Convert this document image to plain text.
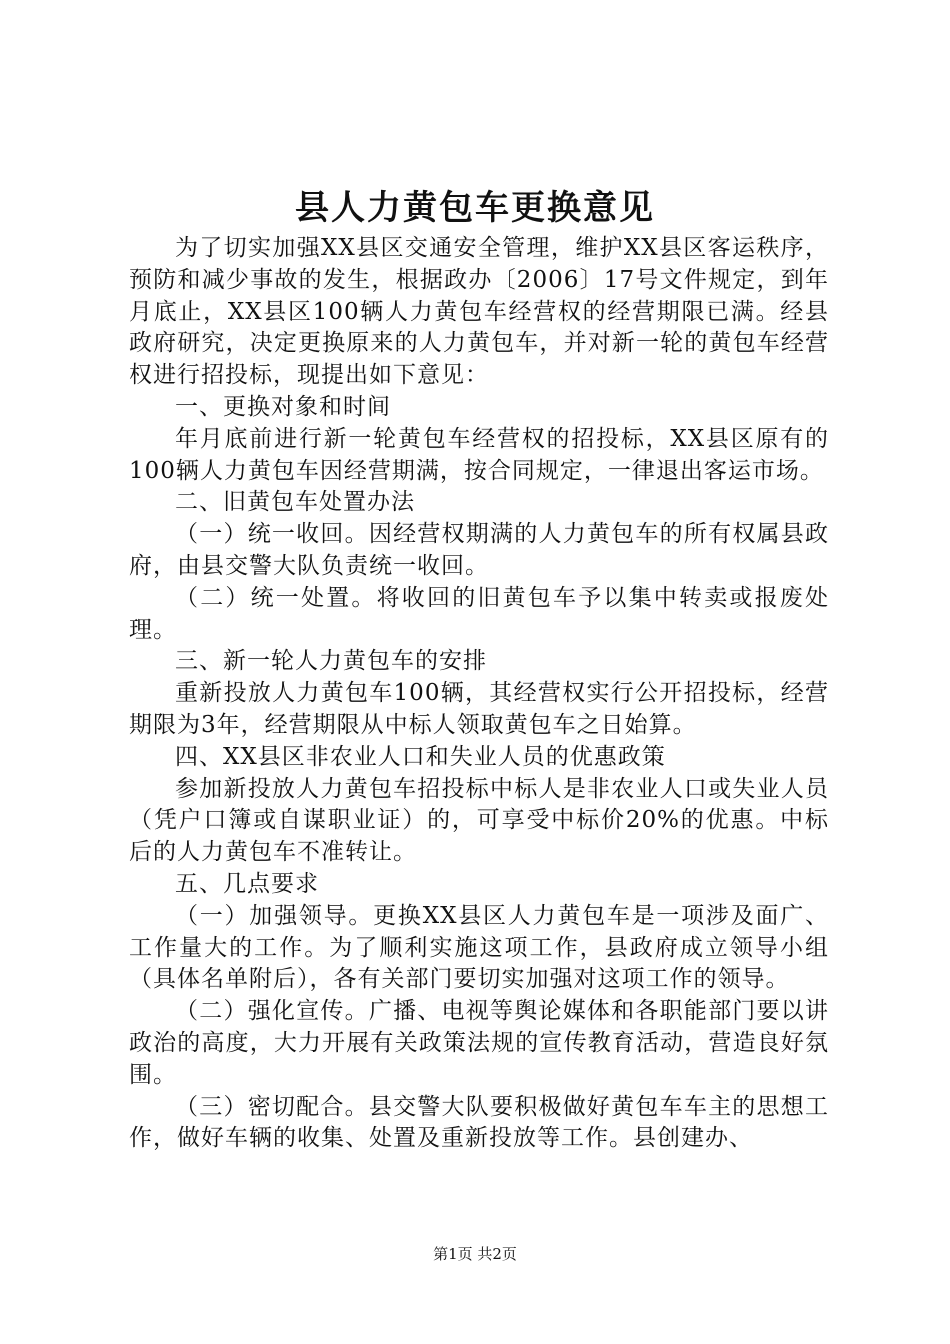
县人力黄包车更换意见

为了切实加强XX县区交通安全管理，维护XX县区客运秩序，预防和减少事故的发生，根据政办〔2006〕17号文件规定，到年月底止，XX县区100辆人力黄包车经营权的经营期限已满。经县政府研究，决定更换原来的人力黄包车，并对新一轮的黄包车经营权进行招投标，现提出如下意见：

一、更换对象和时间

年月底前进行新一轮黄包车经营权的招投标，XX县区原有的100辆人力黄包车因经营期满，按合同规定，一律退出客运市场。

二、旧黄包车处置办法

（一）统一收回。因经营权期满的人力黄包车的所有权属县政府，由县交警大队负责统一收回。

（二）统一处置。将收回的旧黄包车予以集中转卖或报废处理。

三、新一轮人力黄包车的安排

重新投放人力黄包车100辆，其经营权实行公开招投标，经营期限为3年，经营期限从中标人领取黄包车之日始算。

四、XX县区非农业人口和失业人员的优惠政策

参加新投放人力黄包车招投标中标人是非农业人口或失业人员（凭户口簿或自谋职业证）的，可享受中标价20%的优惠。中标后的人力黄包车不准转让。

五、几点要求

（一）加强领导。更换XX县区人力黄包车是一项涉及面广、工作量大的工作。为了顺利实施这项工作，县政府成立领导小组（具体名单附后），各有关部门要切实加强对这项工作的领导。

（二）强化宣传。广播、电视等舆论媒体和各职能部门要以讲政治的高度，大力开展有关政策法规的宣传教育活动，营造良好氛围。

（三）密切配合。县交警大队要积极做好黄包车车主的思想工作，做好车辆的收集、处置及重新投放等工作。县创建办、

第1页 共2页
